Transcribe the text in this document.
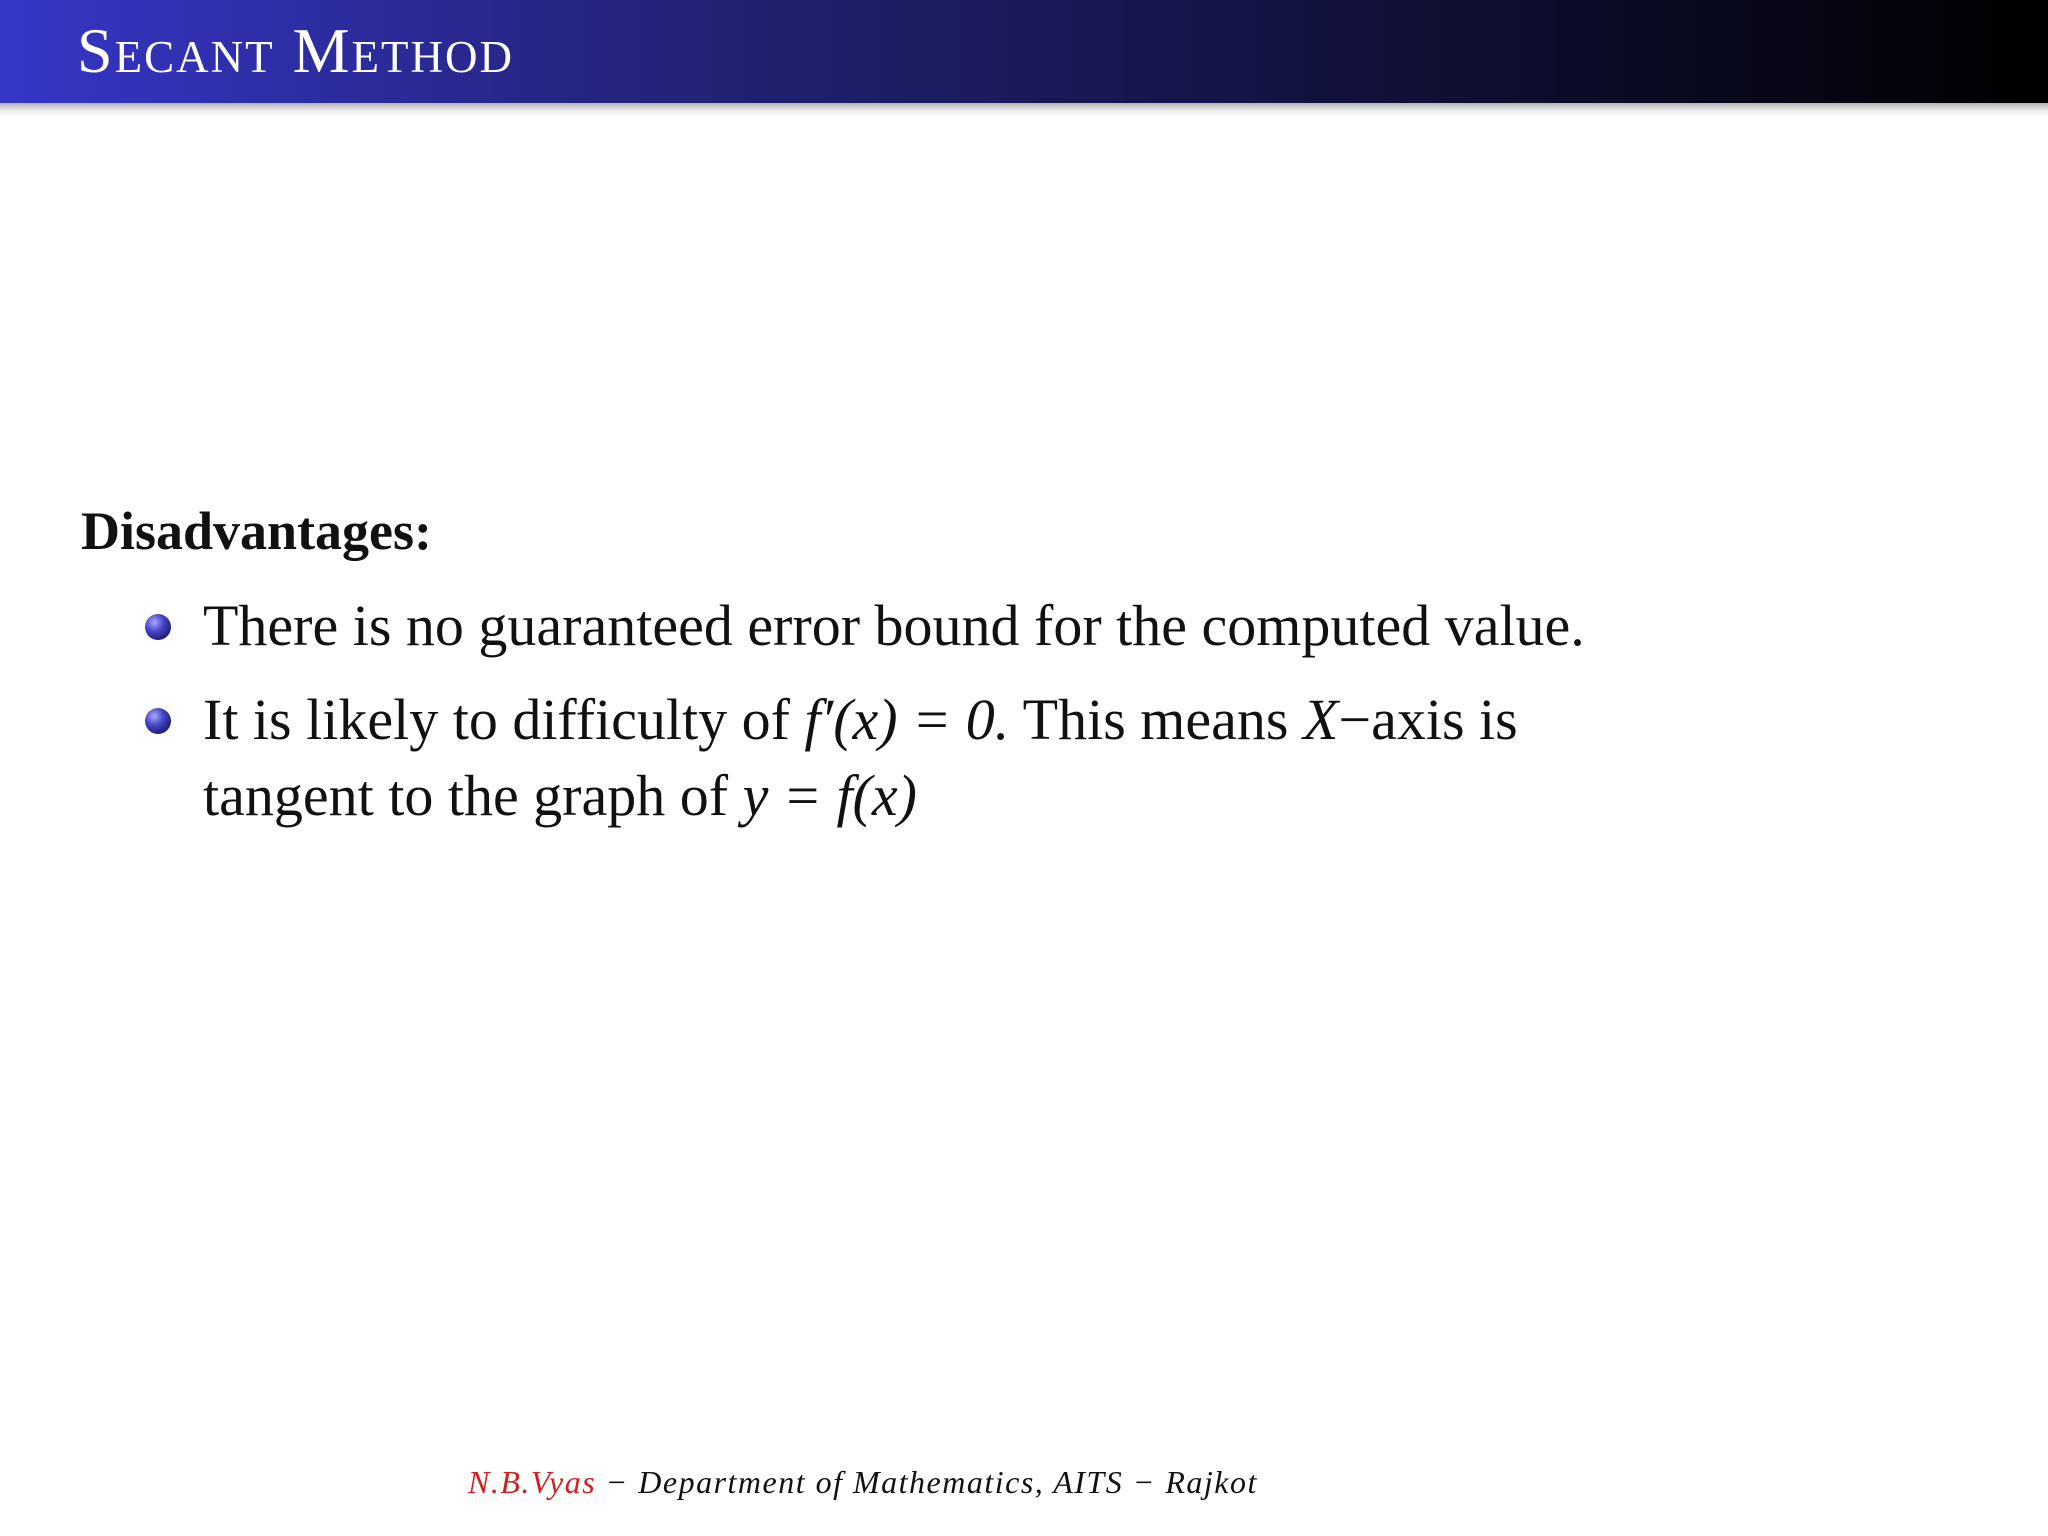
Secant Method
Disadvantages:

There is no guaranteed error bound for the computed value.

It is likely to difficulty of f′(x) = 0. This means X−axis is

tangent to the graph of y = f(x)

N.B.Vyas − Department of Mathematics, AITS − Rajkot
